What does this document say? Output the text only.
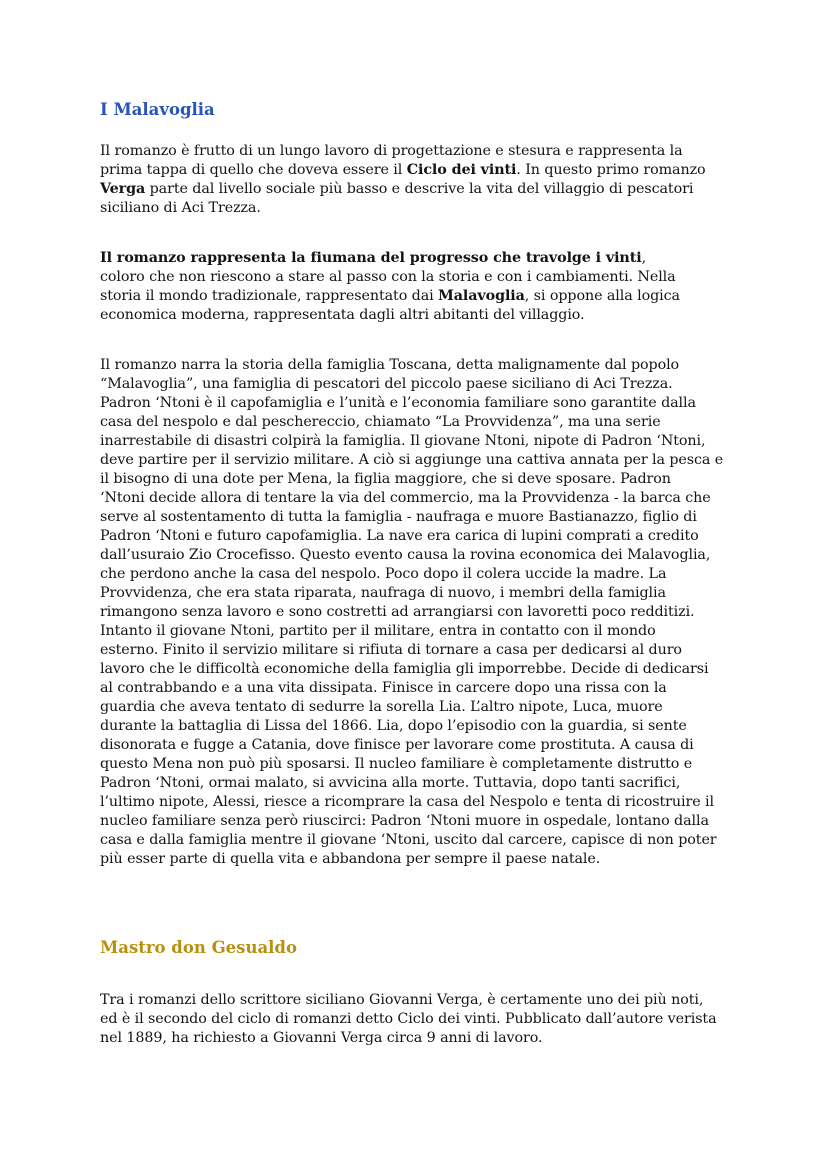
I Malavoglia

Il romanzo è frutto di un lungo lavoro di progettazione e stesura e rappresenta la
prima tappa di quello che doveva essere il Ciclo dei vinti. In questo primo romanzo
Verga parte dal livello sociale più basso e descrive la vita del villaggio di pescatori
siciliano di Aci Trezza.

Il romanzo rappresenta la fiumana del progresso che travolge i vinti,
coloro che non riescono a stare al passo con la storia e con i cambiamenti. Nella
storia il mondo tradizionale, rappresentato dai Malavoglia, si oppone alla logica
economica moderna, rappresentata dagli altri abitanti del villaggio.

Il romanzo narra la storia della famiglia Toscana, detta malignamente dal popolo
“Malavoglia”, una famiglia di pescatori del piccolo paese siciliano di Aci Trezza.
Padron ‘Ntoni è il capofamiglia e l’unità e l’economia familiare sono garantite dalla
casa del nespolo e dal peschereccio, chiamato “La Provvidenza”, ma una serie
inarrestabile di disastri colpirà la famiglia. Il giovane Ntoni, nipote di Padron ‘Ntoni,
deve partire per il servizio militare. A ciò si aggiunge una cattiva annata per la pesca e
il bisogno di una dote per Mena, la figlia maggiore, che si deve sposare. Padron
‘Ntoni decide allora di tentare la via del commercio, ma la Provvidenza - la barca che
serve al sostentamento di tutta la famiglia - naufraga e muore Bastianazzo, figlio di
Padron ‘Ntoni e futuro capofamiglia. La nave era carica di lupini comprati a credito
dall’usuraio Zio Crocefisso. Questo evento causa la rovina economica dei Malavoglia,
che perdono anche la casa del nespolo. Poco dopo il colera uccide la madre. La
Provvidenza, che era stata riparata, naufraga di nuovo, i membri della famiglia
rimangono senza lavoro e sono costretti ad arrangiarsi con lavoretti poco redditizi.
Intanto il giovane Ntoni, partito per il militare, entra in contatto con il mondo
esterno. Finito il servizio militare si rifiuta di tornare a casa per dedicarsi al duro
lavoro che le difficoltà economiche della famiglia gli imporrebbe. Decide di dedicarsi
al contrabbando e a una vita dissipata. Finisce in carcere dopo una rissa con la
guardia che aveva tentato di sedurre la sorella Lia. L’altro nipote, Luca, muore
durante la battaglia di Lissa del 1866. Lia, dopo l’episodio con la guardia, si sente
disonorata e fugge a Catania, dove finisce per lavorare come prostituta. A causa di
questo Mena non può più sposarsi. Il nucleo familiare è completamente distrutto e
Padron ‘Ntoni, ormai malato, si avvicina alla morte. Tuttavia, dopo tanti sacrifici,
l’ultimo nipote, Alessi, riesce a ricomprare la casa del Nespolo e tenta di ricostruire il
nucleo familiare senza però riuscirci: Padron ‘Ntoni muore in ospedale, lontano dalla
casa e dalla famiglia mentre il giovane ‘Ntoni, uscito dal carcere, capisce di non poter
più esser parte di quella vita e abbandona per sempre il paese natale.

Mastro don Gesualdo

Tra i romanzi dello scrittore siciliano Giovanni Verga, è certamente uno dei più noti,
ed è il secondo del ciclo di romanzi detto Ciclo dei vinti. Pubblicato dall’autore verista
nel 1889, ha richiesto a Giovanni Verga circa 9 anni di lavoro.
